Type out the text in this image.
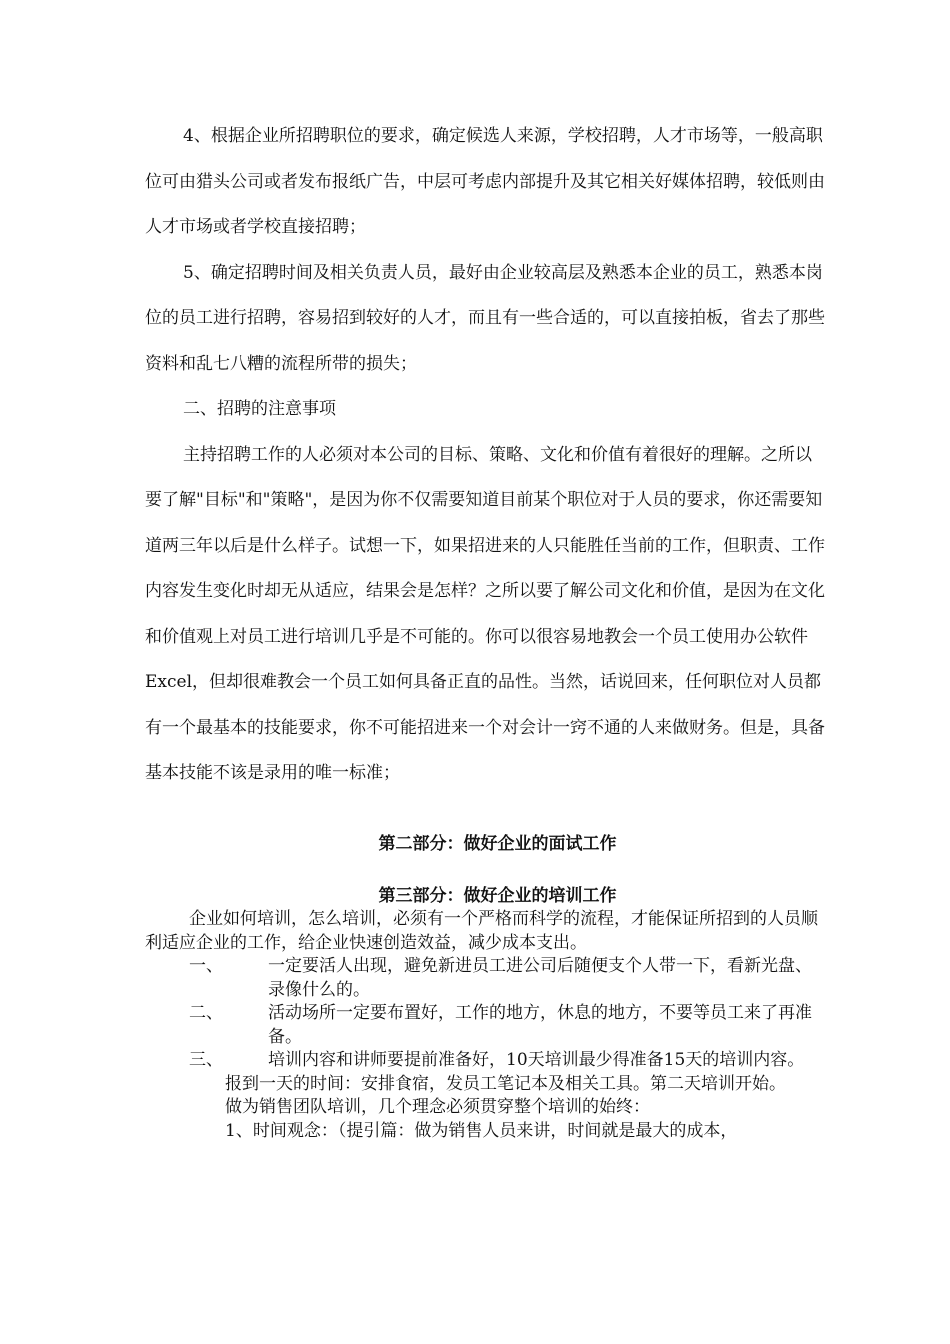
4、根据企业所招聘职位的要求，确定候选人来源，学校招聘，人才市场等，一般高职位可由猎头公司或者发布报纸广告，中层可考虑内部提升及其它相关好媒体招聘，较低则由人才市场或者学校直接招聘；

5、确定招聘时间及相关负责人员，最好由企业较高层及熟悉本企业的员工，熟悉本岗位的员工进行招聘，容易招到较好的人才，而且有一些合适的，可以直接拍板，省去了那些资料和乱七八糟的流程所带的损失；

二、招聘的注意事项

主持招聘工作的人必须对本公司的目标、策略、文化和价值有着很好的理解。之所以要了解"目标"和"策略"，是因为你不仅需要知道目前某个职位对于人员的要求，你还需要知道两三年以后是什么样子。试想一下，如果招进来的人只能胜任当前的工作，但职责、工作内容发生变化时却无从适应，结果会是怎样？之所以要了解公司文化和价值，是因为在文化和价值观上对员工进行培训几乎是不可能的。你可以很容易地教会一个员工使用办公软件Excel，但却很难教会一个员工如何具备正直的品性。当然，话说回来，任何职位对人员都有一个最基本的技能要求，你不可能招进来一个对会计一窍不通的人来做财务。但是，具备基本技能不该是录用的唯一标准；

第二部分：做好企业的面试工作

第三部分：做好企业的培训工作

企业如何培训，怎么培训，必须有一个严格而科学的流程，才能保证所招到的人员顺利适应企业的工作，给企业快速创造效益，减少成本支出。

一、	一定要活人出现，避免新进员工进公司后随便支个人带一下，看新光盘、录像什么的。

二、	活动场所一定要布置好，工作的地方，休息的地方，不要等员工来了再准备。

三、	培训内容和讲师要提前准备好，10天培训最少得准备15天的培训内容。

报到一天的时间：安排食宿，发员工笔记本及相关工具。第二天培训开始。

做为销售团队培训，几个理念必须贯穿整个培训的始终：

1、时间观念：（提引篇：做为销售人员来讲，时间就是最大的成本，
